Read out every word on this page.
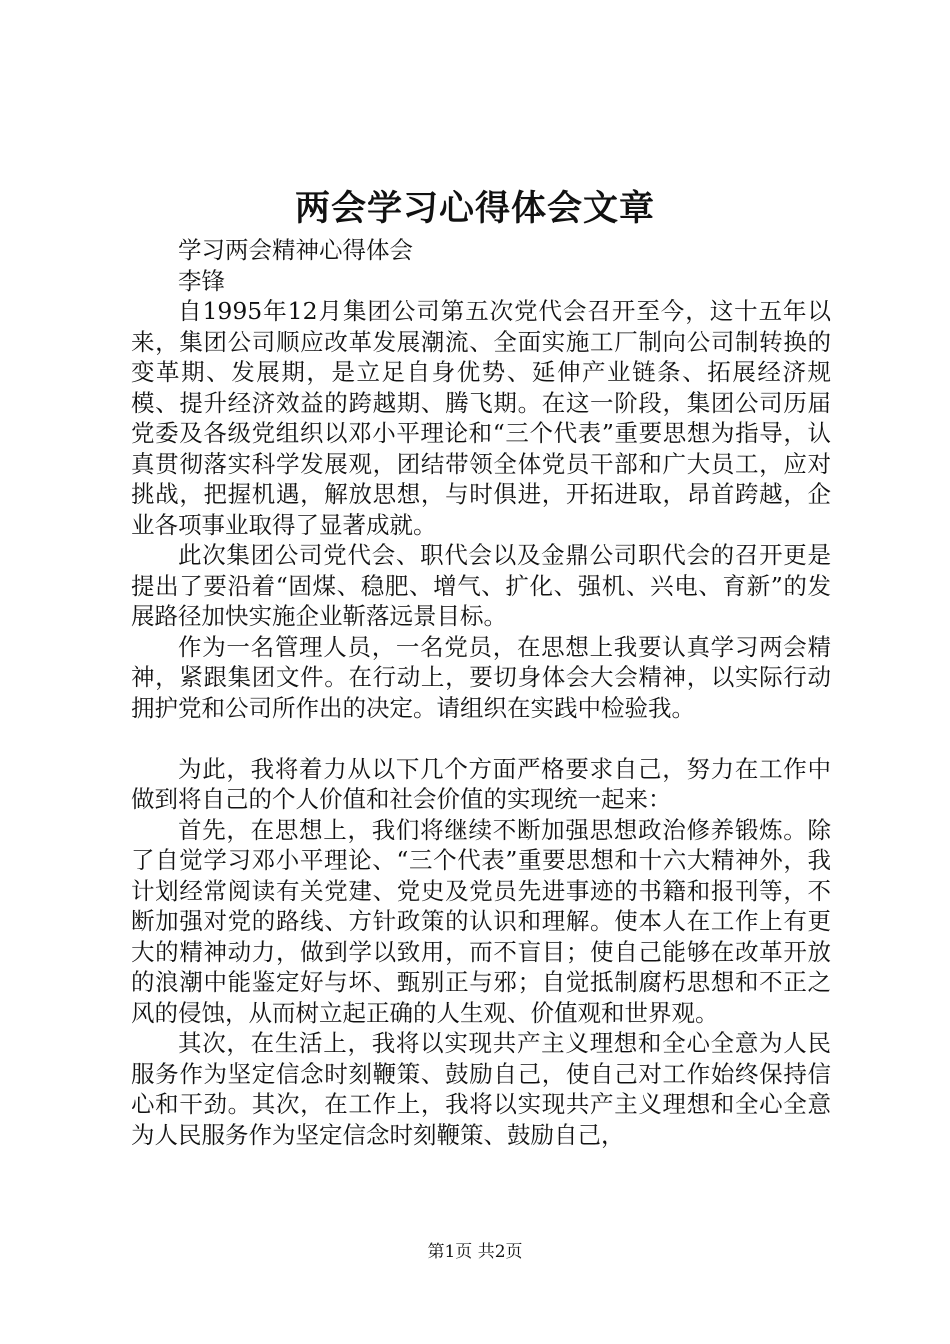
两会学习心得体会文章

学习两会精神心得体会

李锋

自1995年12月集团公司第五次党代会召开至今，这十五年以来，集团公司顺应改革发展潮流、全面实施工厂制向公司制转换的变革期、发展期，是立足自身优势、延伸产业链条、拓展经济规模、提升经济效益的跨越期、腾飞期。在这一阶段，集团公司历届党委及各级党组织以邓小平理论和“三个代表”重要思想为指导，认真贯彻落实科学发展观，团结带领全体党员干部和广大员工，应对挑战，把握机遇，解放思想，与时俱进，开拓进取，昂首跨越，企业各项事业取得了显著成就。

此次集团公司党代会、职代会以及金鼎公司职代会的召开更是提出了要沿着“固煤、稳肥、增气、扩化、强机、兴电、育新”的发展路径加快实施企业靳落远景目标。

作为一名管理人员，一名党员，在思想上我要认真学习两会精神，紧跟集团文件。在行动上，要切身体会大会精神，以实际行动拥护党和公司所作出的决定。请组织在实践中检验我。

为此，我将着力从以下几个方面严格要求自己，努力在工作中做到将自己的个人价值和社会价值的实现统一起来：

首先，在思想上，我们将继续不断加强思想政治修养锻炼。除了自觉学习邓小平理论、“三个代表”重要思想和十六大精神外，我计划经常阅读有关党建、党史及党员先进事迹的书籍和报刊等，不断加强对党的路线、方针政策的认识和理解。使本人在工作上有更大的精神动力，做到学以致用，而不盲目；使自己能够在改革开放的浪潮中能鉴定好与坏、甄别正与邪；自觉抵制腐朽思想和不正之风的侵蚀，从而树立起正确的人生观、价值观和世界观。

其次，在生活上，我将以实现共产主义理想和全心全意为人民服务作为坚定信念时刻鞭策、鼓励自己，使自己对工作始终保持信心和干劲。其次，在工作上，我将以实现共产主义理想和全心全意为人民服务作为坚定信念时刻鞭策、鼓励自己，

第1页 共2页
